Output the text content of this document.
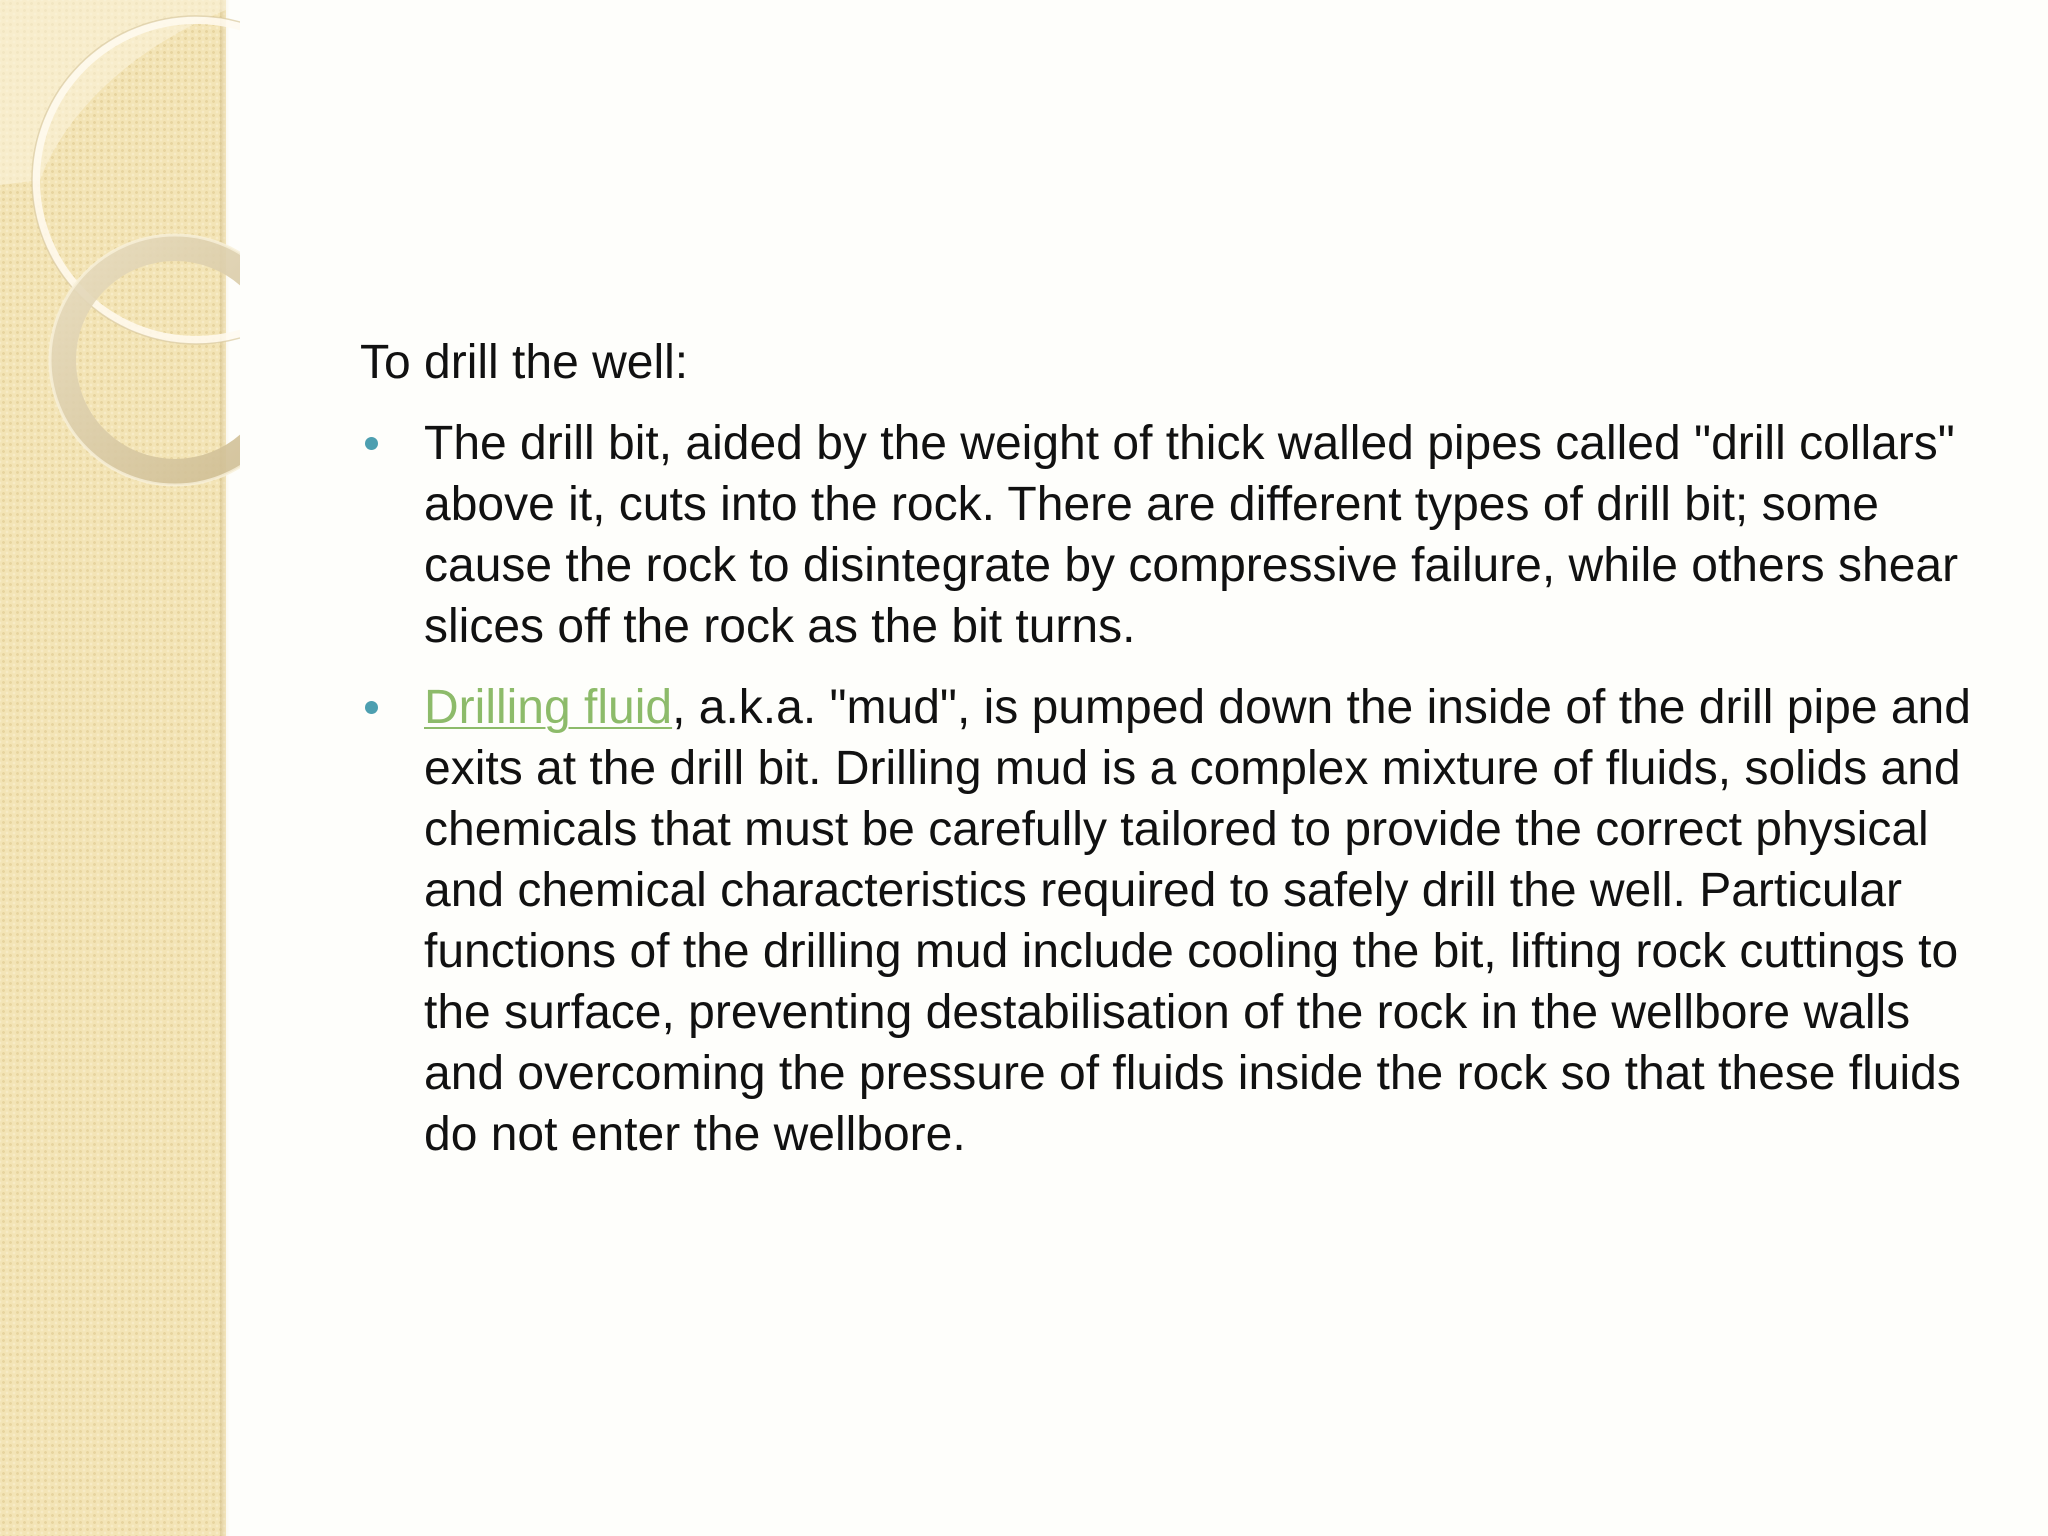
To drill the well:

The drill bit, aided by the weight of thick walled pipes called "drill collars" above it, cuts into the rock. There are different types of drill bit; some cause the rock to disintegrate by compressive failure, while others shear slices off the rock as the bit turns.
Drilling fluid, a.k.a. "mud", is pumped down the inside of the drill pipe and exits at the drill bit. Drilling mud is a complex mixture of fluids, solids and chemicals that must be carefully tailored to provide the correct physical and chemical characteristics required to safely drill the well. Particular functions of the drilling mud include cooling the bit, lifting rock cuttings to the surface, preventing destabilisation of the rock in the wellbore walls and overcoming the pressure of fluids inside the rock so that these fluids do not enter the wellbore.
